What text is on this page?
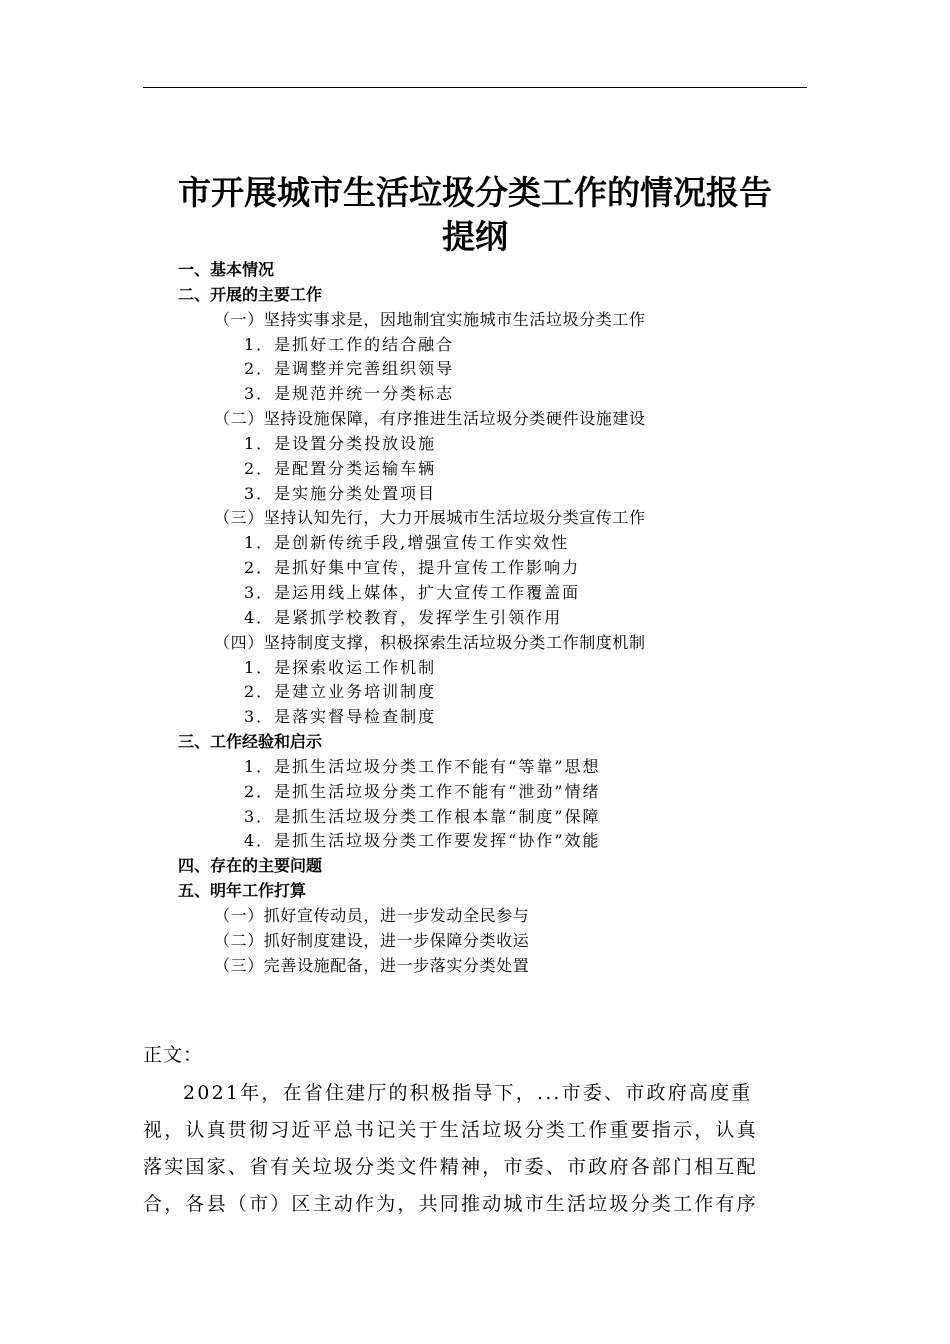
市开展城市生活垃圾分类工作的情况报告
提纲
一、基本情况
二、开展的主要工作
（一）坚持实事求是，因地制宜实施城市生活垃圾分类工作
1．是抓好工作的结合融合
2．是调整并完善组织领导
3．是规范并统一分类标志
（二）坚持设施保障，有序推进生活垃圾分类硬件设施建设
1．是设置分类投放设施
2．是配置分类运输车辆
3．是实施分类处置项目
（三）坚持认知先行，大力开展城市生活垃圾分类宣传工作
1．是创新传统手段,增强宣传工作实效性
2．是抓好集中宣传，提升宣传工作影响力
3．是运用线上媒体，扩大宣传工作覆盖面
4．是紧抓学校教育，发挥学生引领作用
（四）坚持制度支撑，积极探索生活垃圾分类工作制度机制
1．是探索收运工作机制
2．是建立业务培训制度
3．是落实督导检查制度
三、工作经验和启示
1．是抓生活垃圾分类工作不能有“等靠”思想
2．是抓生活垃圾分类工作不能有“泄劲”情绪
3．是抓生活垃圾分类工作根本靠“制度”保障
4．是抓生活垃圾分类工作要发挥“协作”效能
四、存在的主要问题
五、明年工作打算
（一）抓好宣传动员，进一步发动全民参与
（二）抓好制度建设，进一步保障分类收运
（三）完善设施配备，进一步落实分类处置
正文：
2021年，在省住建厅的积极指导下，...市委、市政府高度重
视，认真贯彻习近平总书记关于生活垃圾分类工作重要指示，认真
落实国家、省有关垃圾分类文件精神，市委、市政府各部门相互配
合，各县（市）区主动作为，共同推动城市生活垃圾分类工作有序
